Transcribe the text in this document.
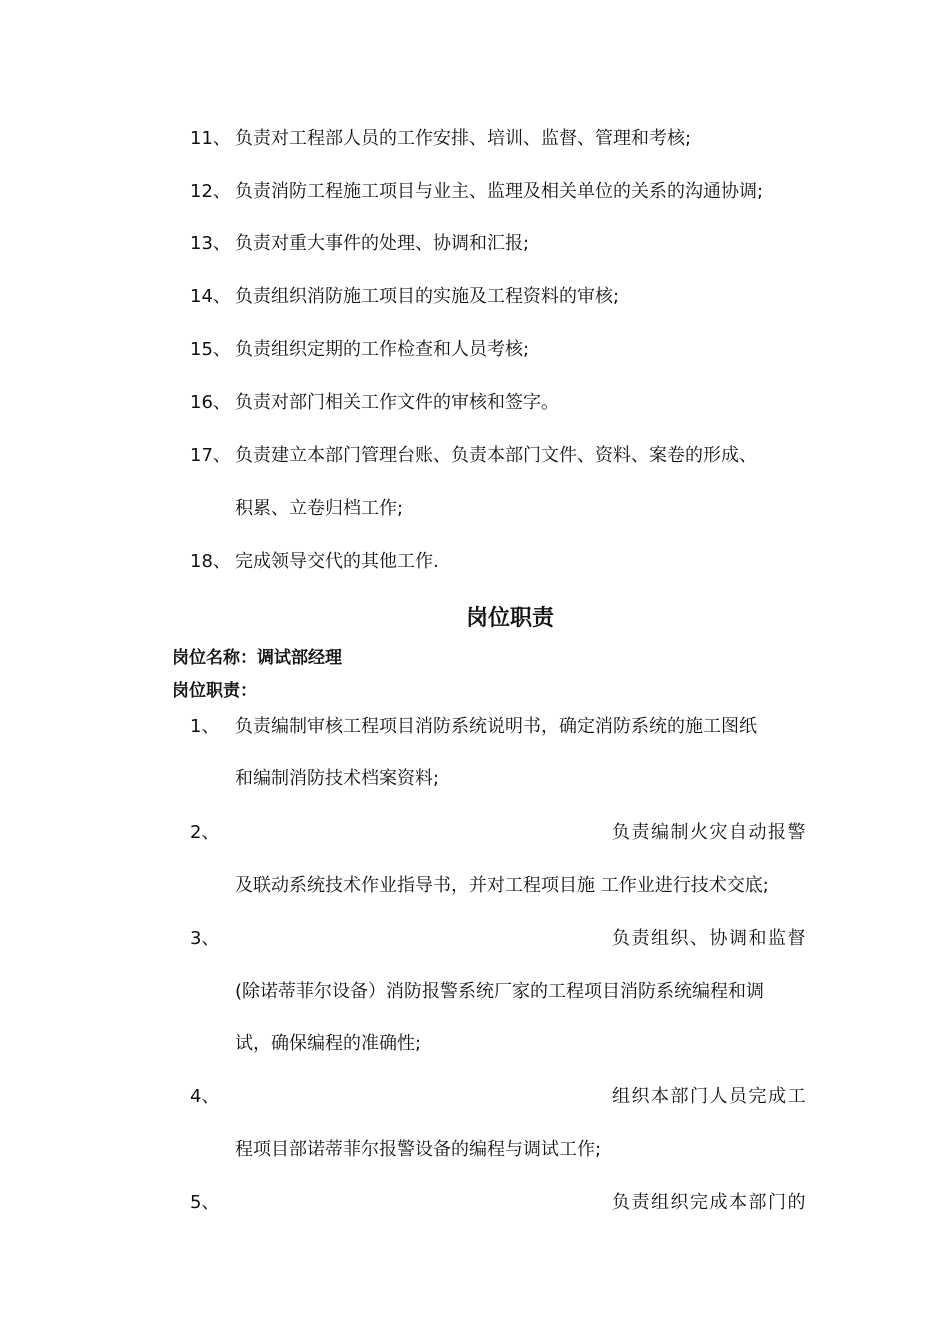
11、 负责对工程部人员的工作安排、培训、监督、管理和考核;
12、 负责消防工程施工项目与业主、监理及相关单位的关系的沟通协调;
13、 负责对重大事件的处理、协调和汇报;
14、 负责组织消防施工项目的实施及工程资料的审核;
15、 负责组织定期的工作检查和人员考核;
16、 负责对部门相关工作文件的审核和签字。
17、 负责建立本部门管理台账、负责本部门文件、资料、案卷的形成、
积累、立卷归档工作;
18、 完成领导交代的其他工作.
岗位职责
岗位名称：调试部经理
岗位职责：
1、 负责编制审核工程项目消防系统说明书，确定消防系统的施工图纸
和编制消防技术档案资料;
2、	负责编制火灾自动报警
及联动系统技术作业指导书，并对工程项目施 工作业进行技术交底;
3、	负责组织、协调和监督
(除诺蒂菲尔设备）消防报警系统厂家的工程项目消防系统编程和调
试，确保编程的准确性;
4、	组织本部门人员完成工
程项目部诺蒂菲尔报警设备的编程与调试工作;
5、	负责组织完成本部门的
